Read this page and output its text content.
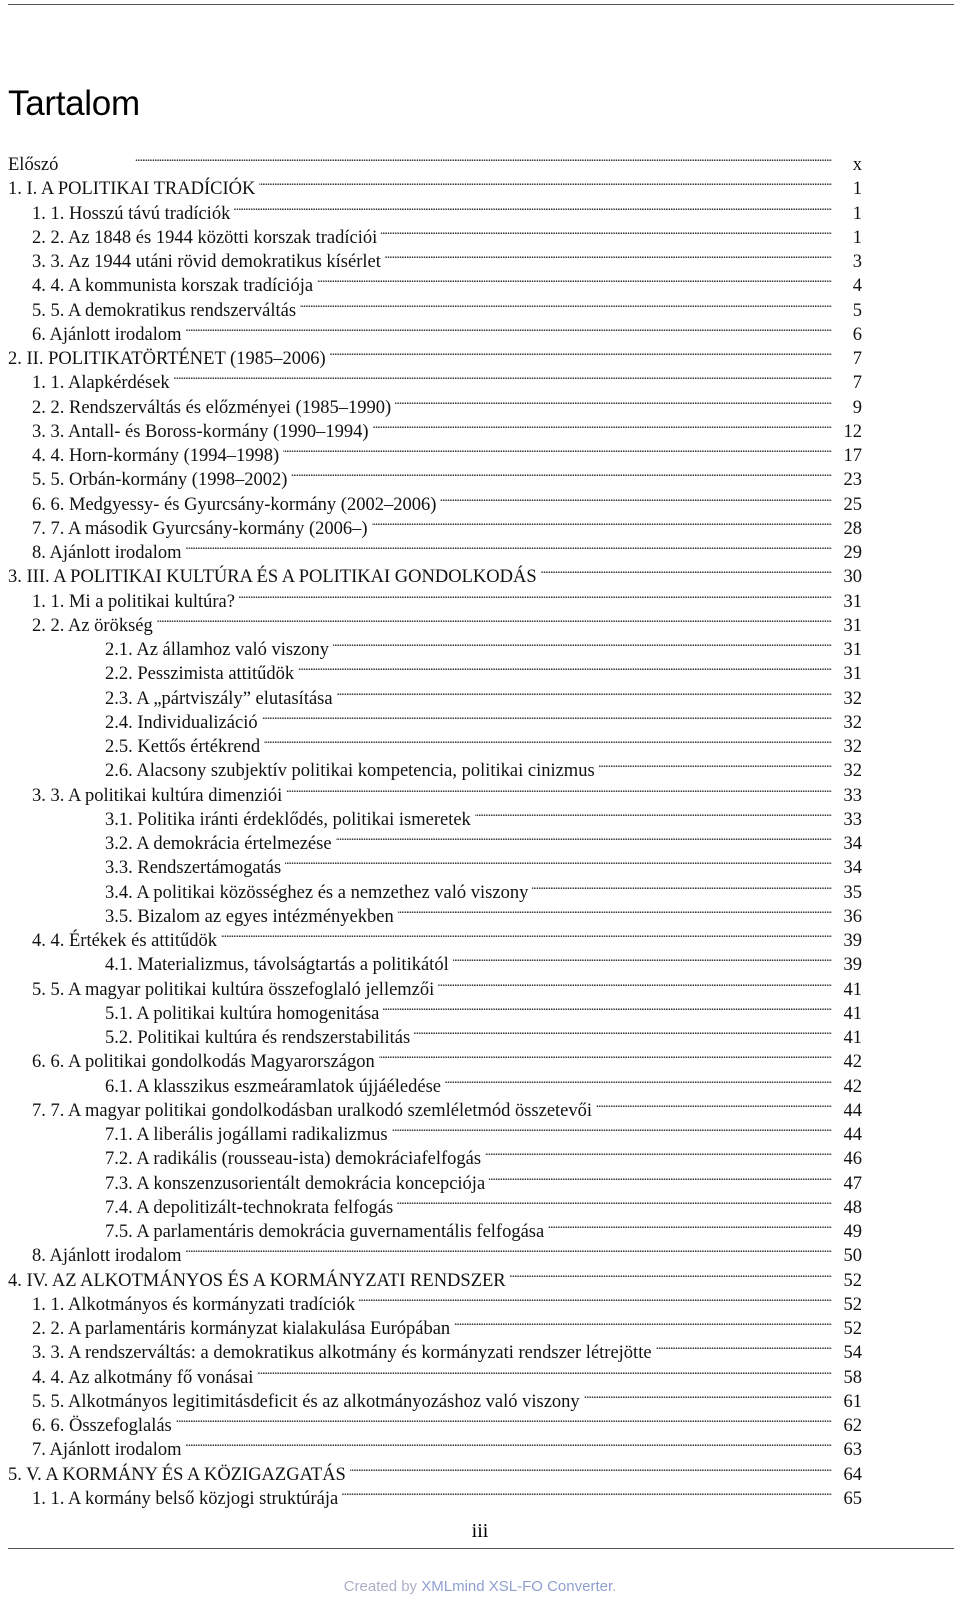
Tartalom
Előszó . . .	x
1. I. A POLITIKAI TRADÍCIÓK . . .	1
1. 1. Hosszú távú tradíciók . . .	1
2. 2. Az 1848 és 1944 közötti korszak tradíciói . . .	1
3. 3. Az 1944 utáni rövid demokratikus kísérlet . . .	3
4. 4. A kommunista korszak tradíciója . . .	4
5. 5. A demokratikus rendszerváltás . . .	5
6. Ajánlott irodalom . . .	6
2. II. POLITIKATÖRTÉNET (1985–2006) . . .	7
1. 1. Alapkérdések . . .	7
2. 2. Rendszerváltás és előzményei (1985–1990) . . .	9
3. 3. Antall- és Boross-kormány (1990–1994) . . .	12
4. 4. Horn-kormány (1994–1998) . . .	17
5. 5. Orbán-kormány (1998–2002) . . .	23
6. 6. Medgyessy- és Gyurcsány-kormány (2002–2006) . . .	25
7. 7. A második Gyurcsány-kormány (2006–) . . .	28
8. Ajánlott irodalom . . .	29
3. III. A POLITIKAI KULTÚRA ÉS A POLITIKAI GONDOLKODÁS . . .	30
1. 1. Mi a politikai kultúra? . . .	31
2. 2. Az örökség . . .	31
2.1. Az államhoz való viszony . . .	31
2.2. Pesszimista attitűdök . . .	31
2.3. A „pártviszály” elutasítása . . .	32
2.4. Individualizáció . . .	32
2.5. Kettős értékrend . . .	32
2.6. Alacsony szubjektív politikai kompetencia, politikai cinizmus . . .	32
3. 3. A politikai kultúra dimenziói . . .	33
3.1. Politika iránti érdeklődés, politikai ismeretek . . .	33
3.2. A demokrácia értelmezése . . .	34
3.3. Rendszertámogatás . . .	34
3.4. A politikai közösséghez és a nemzethez való viszony . . .	35
3.5. Bizalom az egyes intézményekben . . .	36
4. 4. Értékek és attitűdök . . .	39
4.1. Materializmus, távolságtartás a politikától . . .	39
5. 5. A magyar politikai kultúra összefoglaló jellemzői . . .	41
5.1. A politikai kultúra homogenitása . . .	41
5.2. Politikai kultúra és rendszerstabilitás . . .	41
6. 6. A politikai gondolkodás Magyarországon . . .	42
6.1. A klasszikus eszmeáramlatok újjáéledése . . .	42
7. 7. A magyar politikai gondolkodásban uralkodó szemléletmód összetevői . . .	44
7.1. A liberális jogállami radikalizmus . . .	44
7.2. A radikális (rousseau-ista) demokráciafelfogás . . .	46
7.3. A konszenzusorientált demokrácia koncepciója . . .	47
7.4. A depolitizált-technokrata felfogás . . .	48
7.5. A parlamentáris demokrácia guvernamentális felfogása . . .	49
8. Ajánlott irodalom . . .	50
4. IV. AZ ALKOTMÁNYOS ÉS A KORMÁNYZATI RENDSZER . . .	52
1. 1. Alkotmányos és kormányzati tradíciók . . .	52
2. 2. A parlamentáris kormányzat kialakulása Európában . . .	52
3. 3. A rendszerváltás: a demokratikus alkotmány és kormányzati rendszer létrejötte . . .	54
4. 4. Az alkotmány fő vonásai . . .	58
5. 5. Alkotmányos legitimitásdeficit és az alkotmányozáshoz való viszony . . .	61
6. 6. Összefoglalás . . .	62
7. Ajánlott irodalom . . .	63
5. V. A KORMÁNY ÉS A KÖZIGAZGATÁS . . .	64
1. 1. A kormány belső közjogi struktúrája . . .	65
iii
Created by XMLmind XSL-FO Converter.
